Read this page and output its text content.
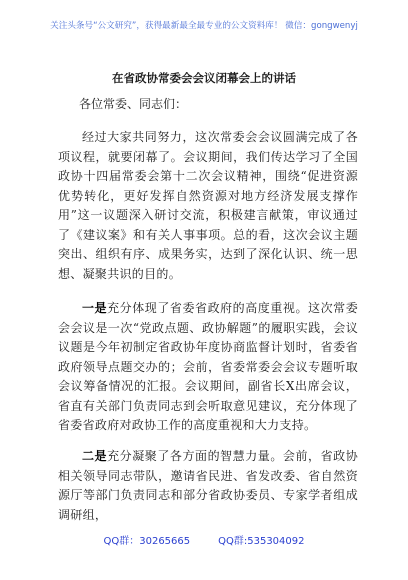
关注头条号“公文研究”，获得最新最全最专业的公文资料库！ 微信：gongwenyj
在省政协常委会会议闭幕会上的讲话
各位常委、同志们：

经过大家共同努力，这次常委会会议圆满完成了各项议程，就要闭幕了。会议期间，我们传达学习了全国政协十四届常委会第十二次会议精神，围绕“促进资源优势转化，更好发挥自然资源对地方经济发展支撑作用”这一议题深入研讨交流，积极建言献策，审议通过了《建议案》和有关人事事项。总的看，这次会议主题突出、组织有序、成果务实，达到了深化认识、统一思想、凝聚共识的目的。

一是充分体现了省委省政府的高度重视。这次常委会会议是一次“党政点题、政协解题”的履职实践，会议议题是今年初制定省政协年度协商监督计划时，省委省政府领导点题交办的；会前，省委常委会会议专题听取会议筹备情况的汇报。会议期间，副省长X出席会议，省直有关部门负责同志到会听取意见建议，充分体现了省委省政府对政协工作的高度重视和大力支持。

二是充分凝聚了各方面的智慧力量。会前，省政协相关领导同志带队，邀请省民进、省发改委、省自然资源厅等部门负责同志和部分省政协委员、专家学者组成调研组，

QQ群：30265665	QQ群:535304092
